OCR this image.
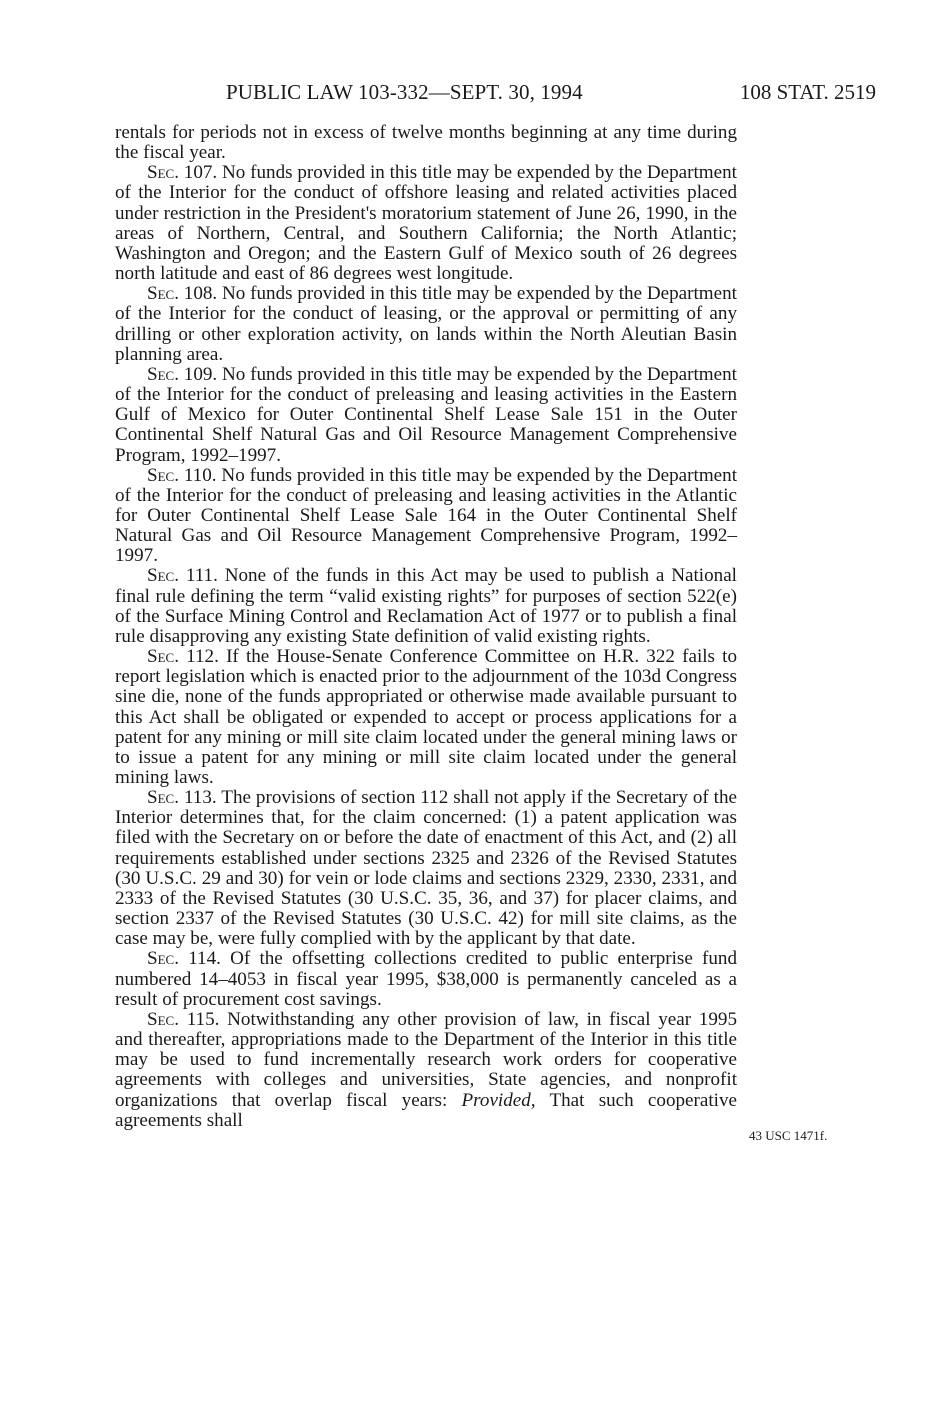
PUBLIC LAW 103-332—SEPT. 30, 1994	108 STAT. 2519

rentals for periods not in excess of twelve months beginning at any time during the fiscal year.

Sec. 107. No funds provided in this title may be expended by the Department of the Interior for the conduct of offshore leasing and related activities placed under restriction in the President's moratorium statement of June 26, 1990, in the areas of Northern, Central, and Southern California; the North Atlantic; Washington and Oregon; and the Eastern Gulf of Mexico south of 26 degrees north latitude and east of 86 degrees west longitude.

Sec. 108. No funds provided in this title may be expended by the Department of the Interior for the conduct of leasing, or the approval or permitting of any drilling or other exploration activity, on lands within the North Aleutian Basin planning area.

Sec. 109. No funds provided in this title may be expended by the Department of the Interior for the conduct of preleasing and leasing activities in the Eastern Gulf of Mexico for Outer Continental Shelf Lease Sale 151 in the Outer Continental Shelf Natural Gas and Oil Resource Management Comprehensive Program, 1992–1997.

Sec. 110. No funds provided in this title may be expended by the Department of the Interior for the conduct of preleasing and leasing activities in the Atlantic for Outer Continental Shelf Lease Sale 164 in the Outer Continental Shelf Natural Gas and Oil Resource Management Comprehensive Program, 1992–1997.

Sec. 111. None of the funds in this Act may be used to publish a National final rule defining the term “valid existing rights” for purposes of section 522(e) of the Surface Mining Control and Reclamation Act of 1977 or to publish a final rule disapproving any existing State definition of valid existing rights.

Sec. 112. If the House-Senate Conference Committee on H.R. 322 fails to report legislation which is enacted prior to the adjournment of the 103d Congress sine die, none of the funds appropriated or otherwise made available pursuant to this Act shall be obligated or expended to accept or process applications for a patent for any mining or mill site claim located under the general mining laws or to issue a patent for any mining or mill site claim located under the general mining laws.

Sec. 113. The provisions of section 112 shall not apply if the Secretary of the Interior determines that, for the claim concerned: (1) a patent application was filed with the Secretary on or before the date of enactment of this Act, and (2) all requirements established under sections 2325 and 2326 of the Revised Statutes (30 U.S.C. 29 and 30) for vein or lode claims and sections 2329, 2330, 2331, and 2333 of the Revised Statutes (30 U.S.C. 35, 36, and 37) for placer claims, and section 2337 of the Revised Statutes (30 U.S.C. 42) for mill site claims, as the case may be, were fully complied with by the applicant by that date.

Sec. 114. Of the offsetting collections credited to public enterprise fund numbered 14–4053 in fiscal year 1995, $38,000 is permanently canceled as a result of procurement cost savings.

Sec. 115. Notwithstanding any other provision of law, in fiscal year 1995 and thereafter, appropriations made to the Department of the Interior in this title may be used to fund incrementally research work orders for cooperative agreements with colleges and universities, State agencies, and nonprofit organizations that overlap fiscal years: Provided, That such cooperative agreements shall

43 USC 1471f.
